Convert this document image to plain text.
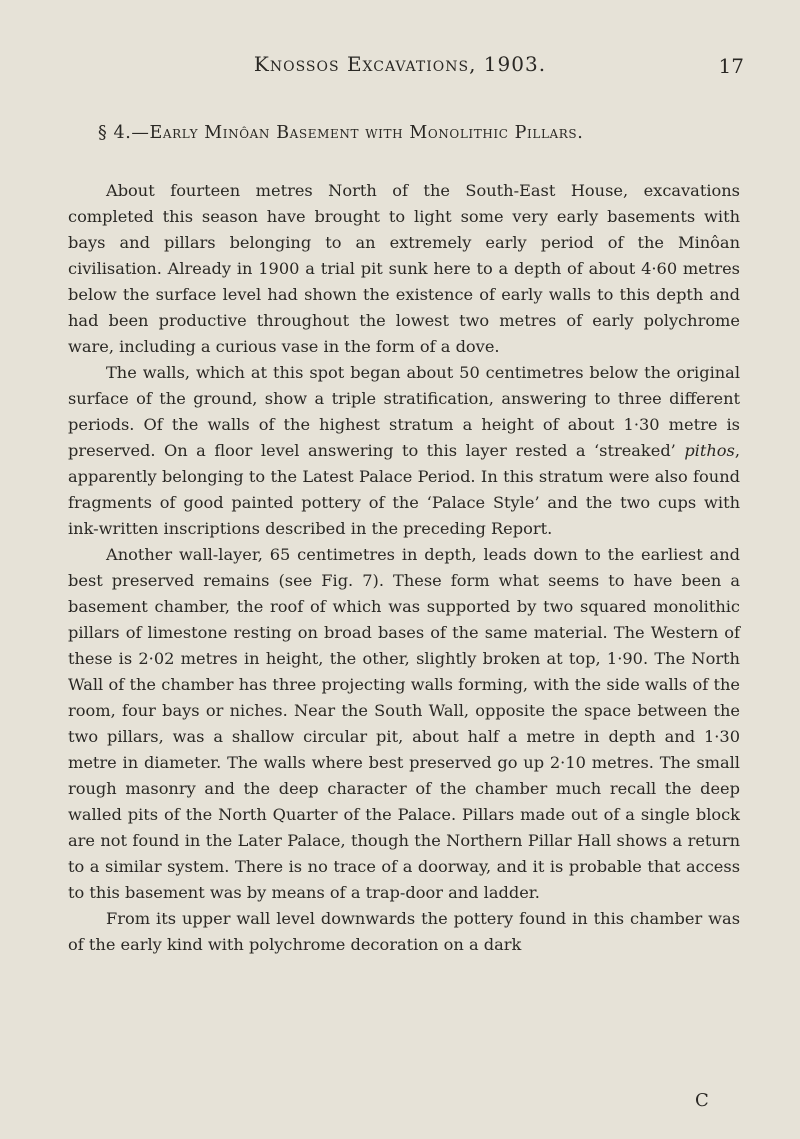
Knossos Excavations, 1903.	17
§ 4.—Early Minôan Basement with Monolithic Pillars.

About fourteen metres North of the South-East House, excavations completed this season have brought to light some very early basements with bays and pillars belonging to an extremely early period of the Minôan civilisation. Already in 1900 a trial pit sunk here to a depth of about 4·60 metres below the surface level had shown the existence of early walls to this depth and had been productive throughout the lowest two metres of early polychrome ware, including a curious vase in the form of a dove.

The walls, which at this spot began about 50 centimetres below the original surface of the ground, show a triple stratification, answering to three different periods. Of the walls of the highest stratum a height of about 1·30 metre is preserved. On a floor level answering to this layer rested a ‘streaked’ pithos, apparently belonging to the Latest Palace Period. In this stratum were also found fragments of good painted pottery of the ‘Palace Style’ and the two cups with ink-written inscriptions described in the preceding Report.

Another wall-layer, 65 centimetres in depth, leads down to the earliest and best preserved remains (see Fig. 7). These form what seems to have been a basement chamber, the roof of which was supported by two squared monolithic pillars of limestone resting on broad bases of the same material. The Western of these is 2·02 metres in height, the other, slightly broken at top, 1·90. The North Wall of the chamber has three projecting walls forming, with the side walls of the room, four bays or niches. Near the South Wall, opposite the space between the two pillars, was a shallow circular pit, about half a metre in depth and 1·30 metre in diameter. The walls where best preserved go up 2·10 metres. The small rough masonry and the deep character of the chamber much recall the deep walled pits of the North Quarter of the Palace. Pillars made out of a single block are not found in the Later Palace, though the Northern Pillar Hall shows a return to a similar system. There is no trace of a doorway, and it is probable that access to this basement was by means of a trap-door and ladder.

From its upper wall level downwards the pottery found in this chamber was of the early kind with polychrome decoration on a dark

C
